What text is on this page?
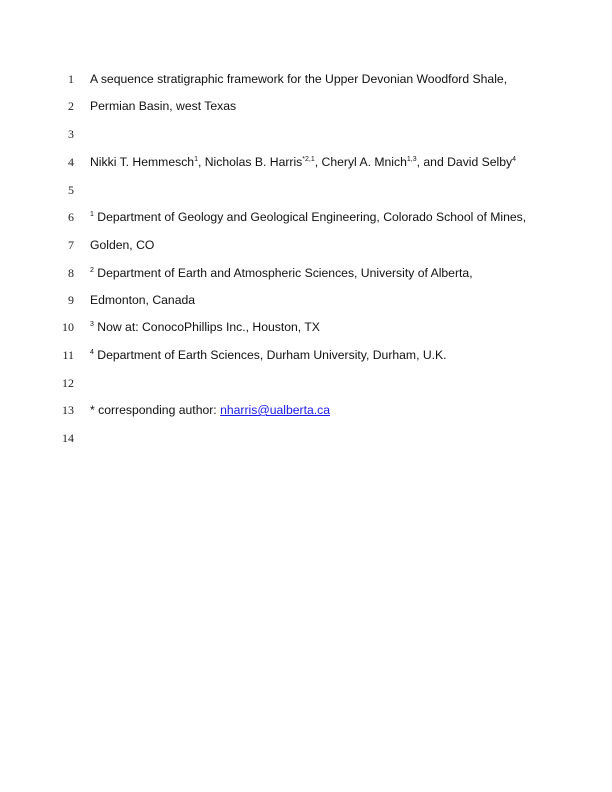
1 A sequence stratigraphic framework for the Upper Devonian Woodford Shale,
2 Permian Basin, west Texas
3
4 Nikki T. Hemmesch$^1$, Nicholas B. Harris$^{*2,1}$, Cheryl A. Mnich$^{1,3}$, and David Selby$^4$
5
6 $^1$ Department of Geology and Geological Engineering, Colorado School of Mines,
7 Golden, CO
8 $^2$ Department of Earth and Atmospheric Sciences, University of Alberta,
9 Edmonton, Canada
10 $^3$ Now at: ConocoPhillips Inc., Houston, TX
11 $^4$ Department of Earth Sciences, Durham University, Durham, U.K.
12
13 * corresponding author: nharris@ualberta.ca
14
